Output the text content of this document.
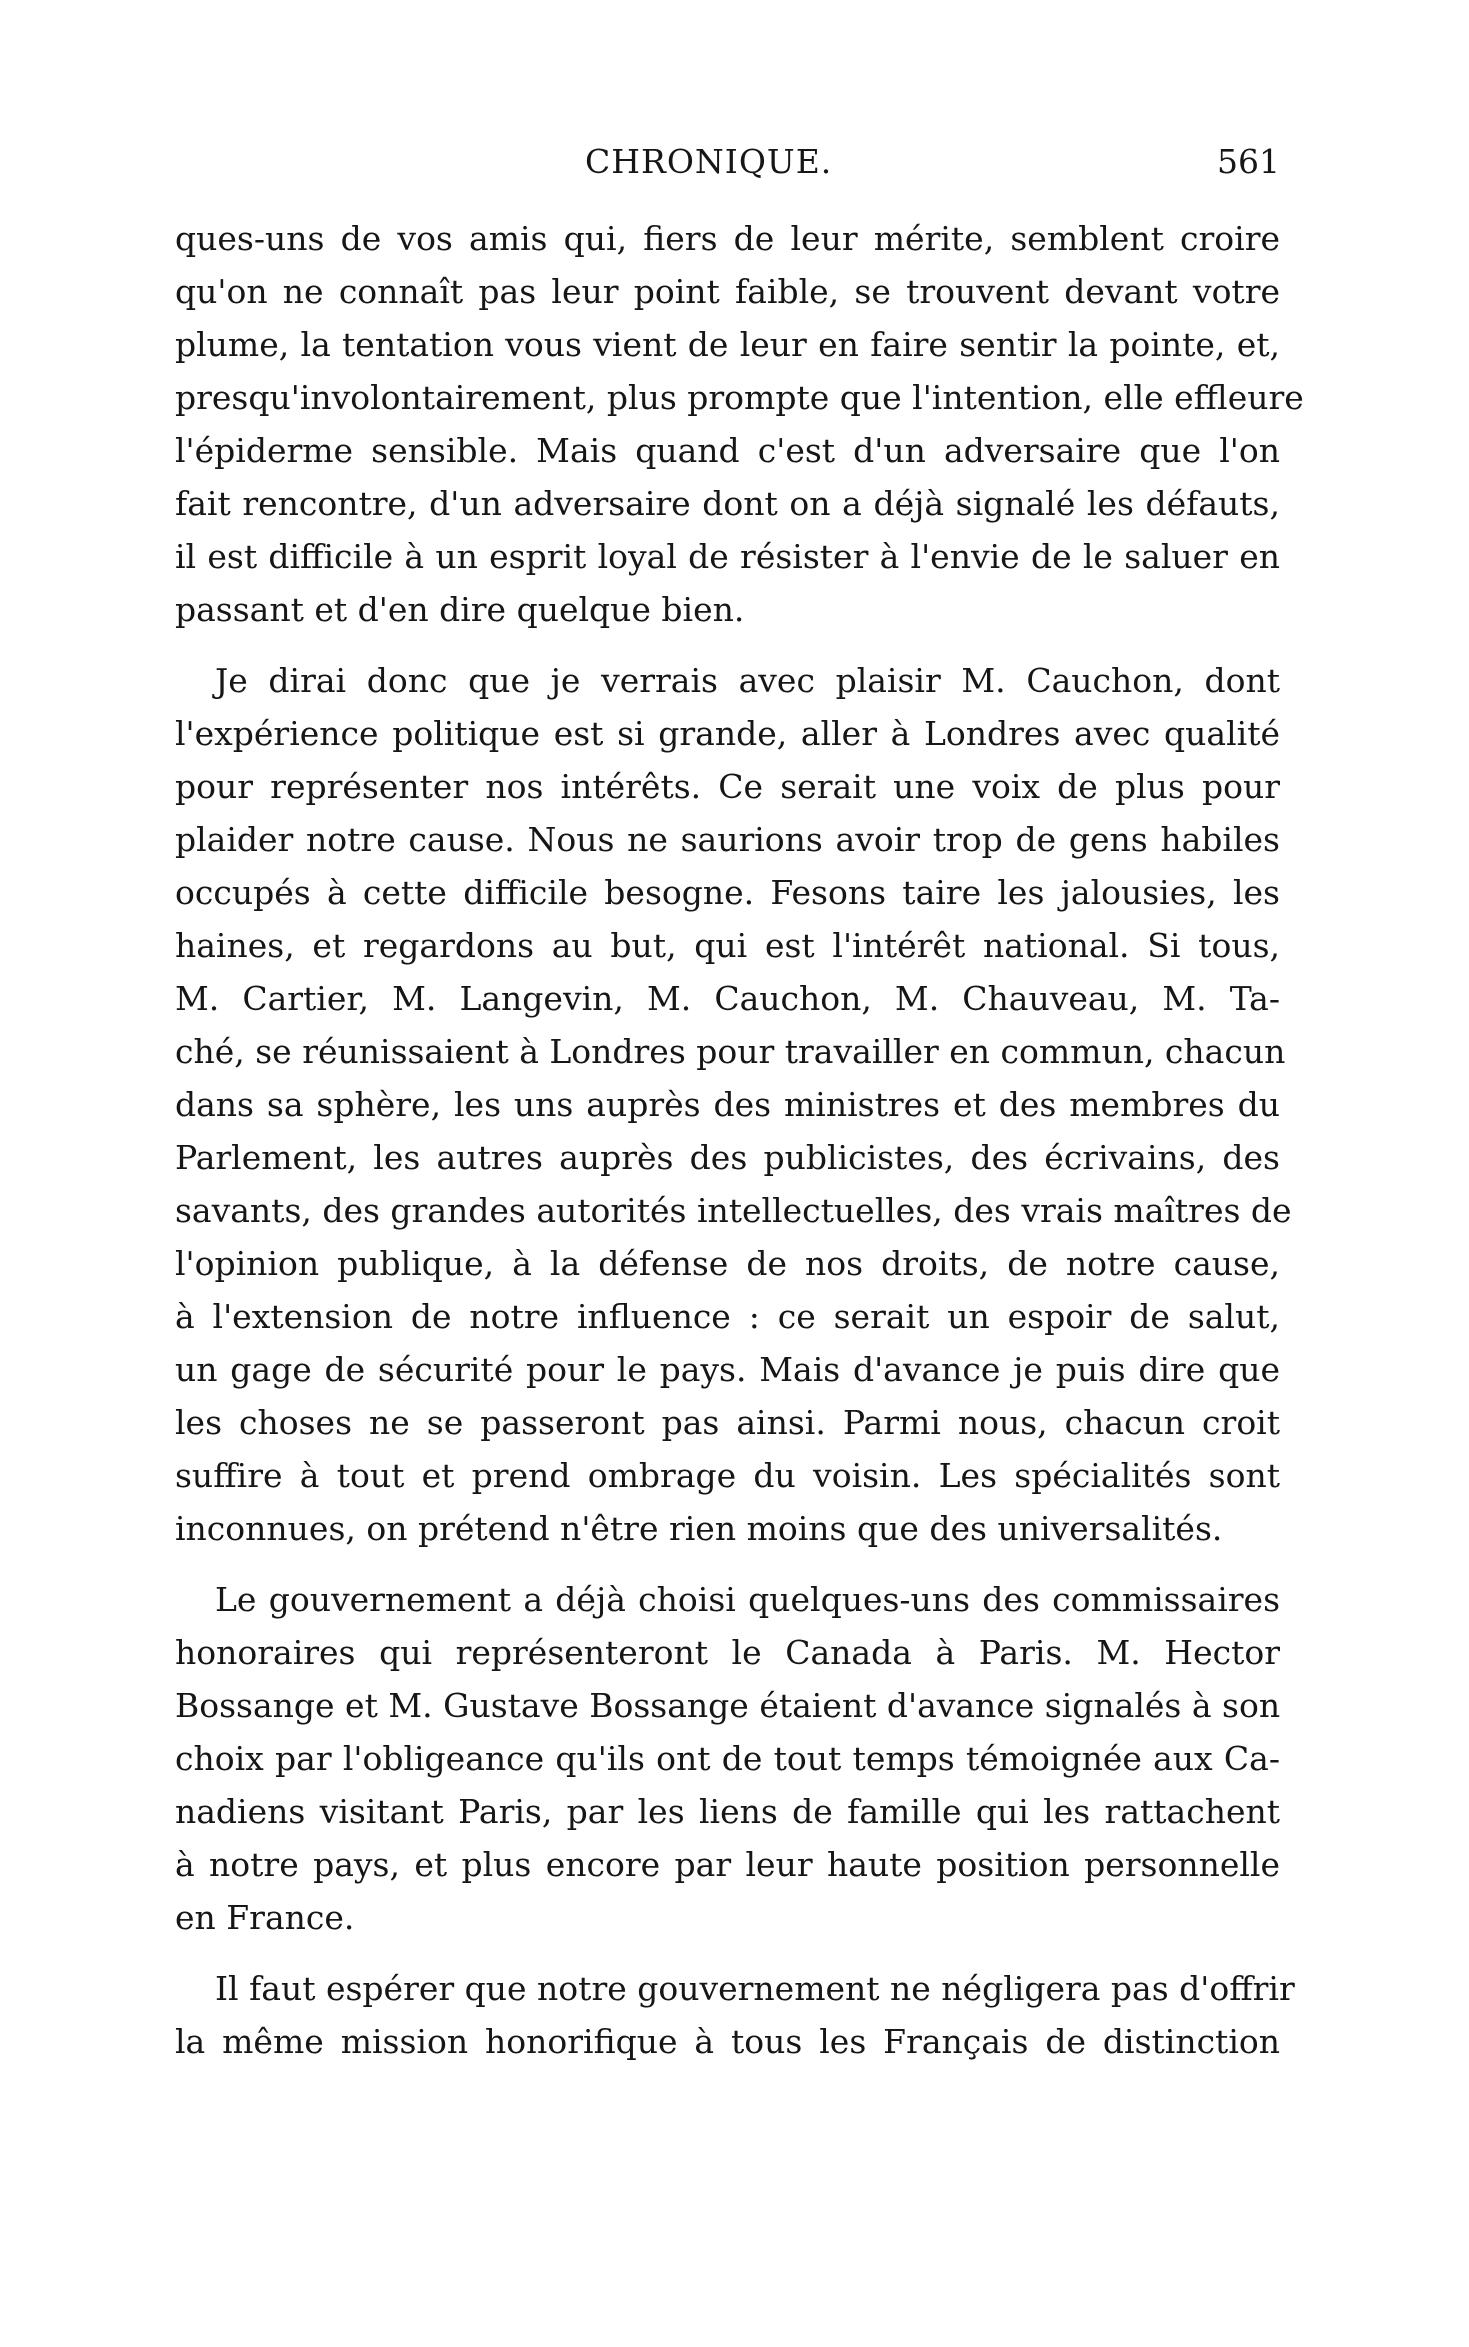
CHRONIQUE.	561
ques-uns de vos amis qui, fiers de leur mérite, semblent croire
qu'on ne connaît pas leur point faible, se trouvent devant votre
plume, la tentation vous vient de leur en faire sentir la pointe, et,
presqu'involontairement, plus prompte que l'intention, elle effleure
l'épiderme sensible. Mais quand c'est d'un adversaire que l'on
fait rencontre, d'un adversaire dont on a déjà signalé les défauts,
il est difficile à un esprit loyal de résister à l'envie de le saluer en
passant et d'en dire quelque bien.
Je dirai donc que je verrais avec plaisir M. Cauchon, dont
l'expérience politique est si grande, aller à Londres avec qualité
pour représenter nos intérêts. Ce serait une voix de plus pour
plaider notre cause. Nous ne saurions avoir trop de gens habiles
occupés à cette difficile besogne. Fesons taire les jalousies, les
haines, et regardons au but, qui est l'intérêt national. Si tous,
M. Cartier, M. Langevin, M. Cauchon, M. Chauveau, M. Ta-
ché, se réunissaient à Londres pour travailler en commun, chacun
dans sa sphère, les uns auprès des ministres et des membres du
Parlement, les autres auprès des publicistes, des écrivains, des
savants, des grandes autorités intellectuelles, des vrais maîtres de
l'opinion publique, à la défense de nos droits, de notre cause,
à l'extension de notre influence : ce serait un espoir de salut,
un gage de sécurité pour le pays. Mais d'avance je puis dire que
les choses ne se passeront pas ainsi. Parmi nous, chacun croit
suffire à tout et prend ombrage du voisin. Les spécialités sont
inconnues, on prétend n'être rien moins que des universalités.
Le gouvernement a déjà choisi quelques-uns des commissaires
honoraires qui représenteront le Canada à Paris. M. Hector
Bossange et M. Gustave Bossange étaient d'avance signalés à son
choix par l'obligeance qu'ils ont de tout temps témoignée aux Ca-
nadiens visitant Paris, par les liens de famille qui les rattachent
à notre pays, et plus encore par leur haute position personnelle
en France.
Il faut espérer que notre gouvernement ne négligera pas d'offrir
la même mission honorifique à tous les Français de distinction
